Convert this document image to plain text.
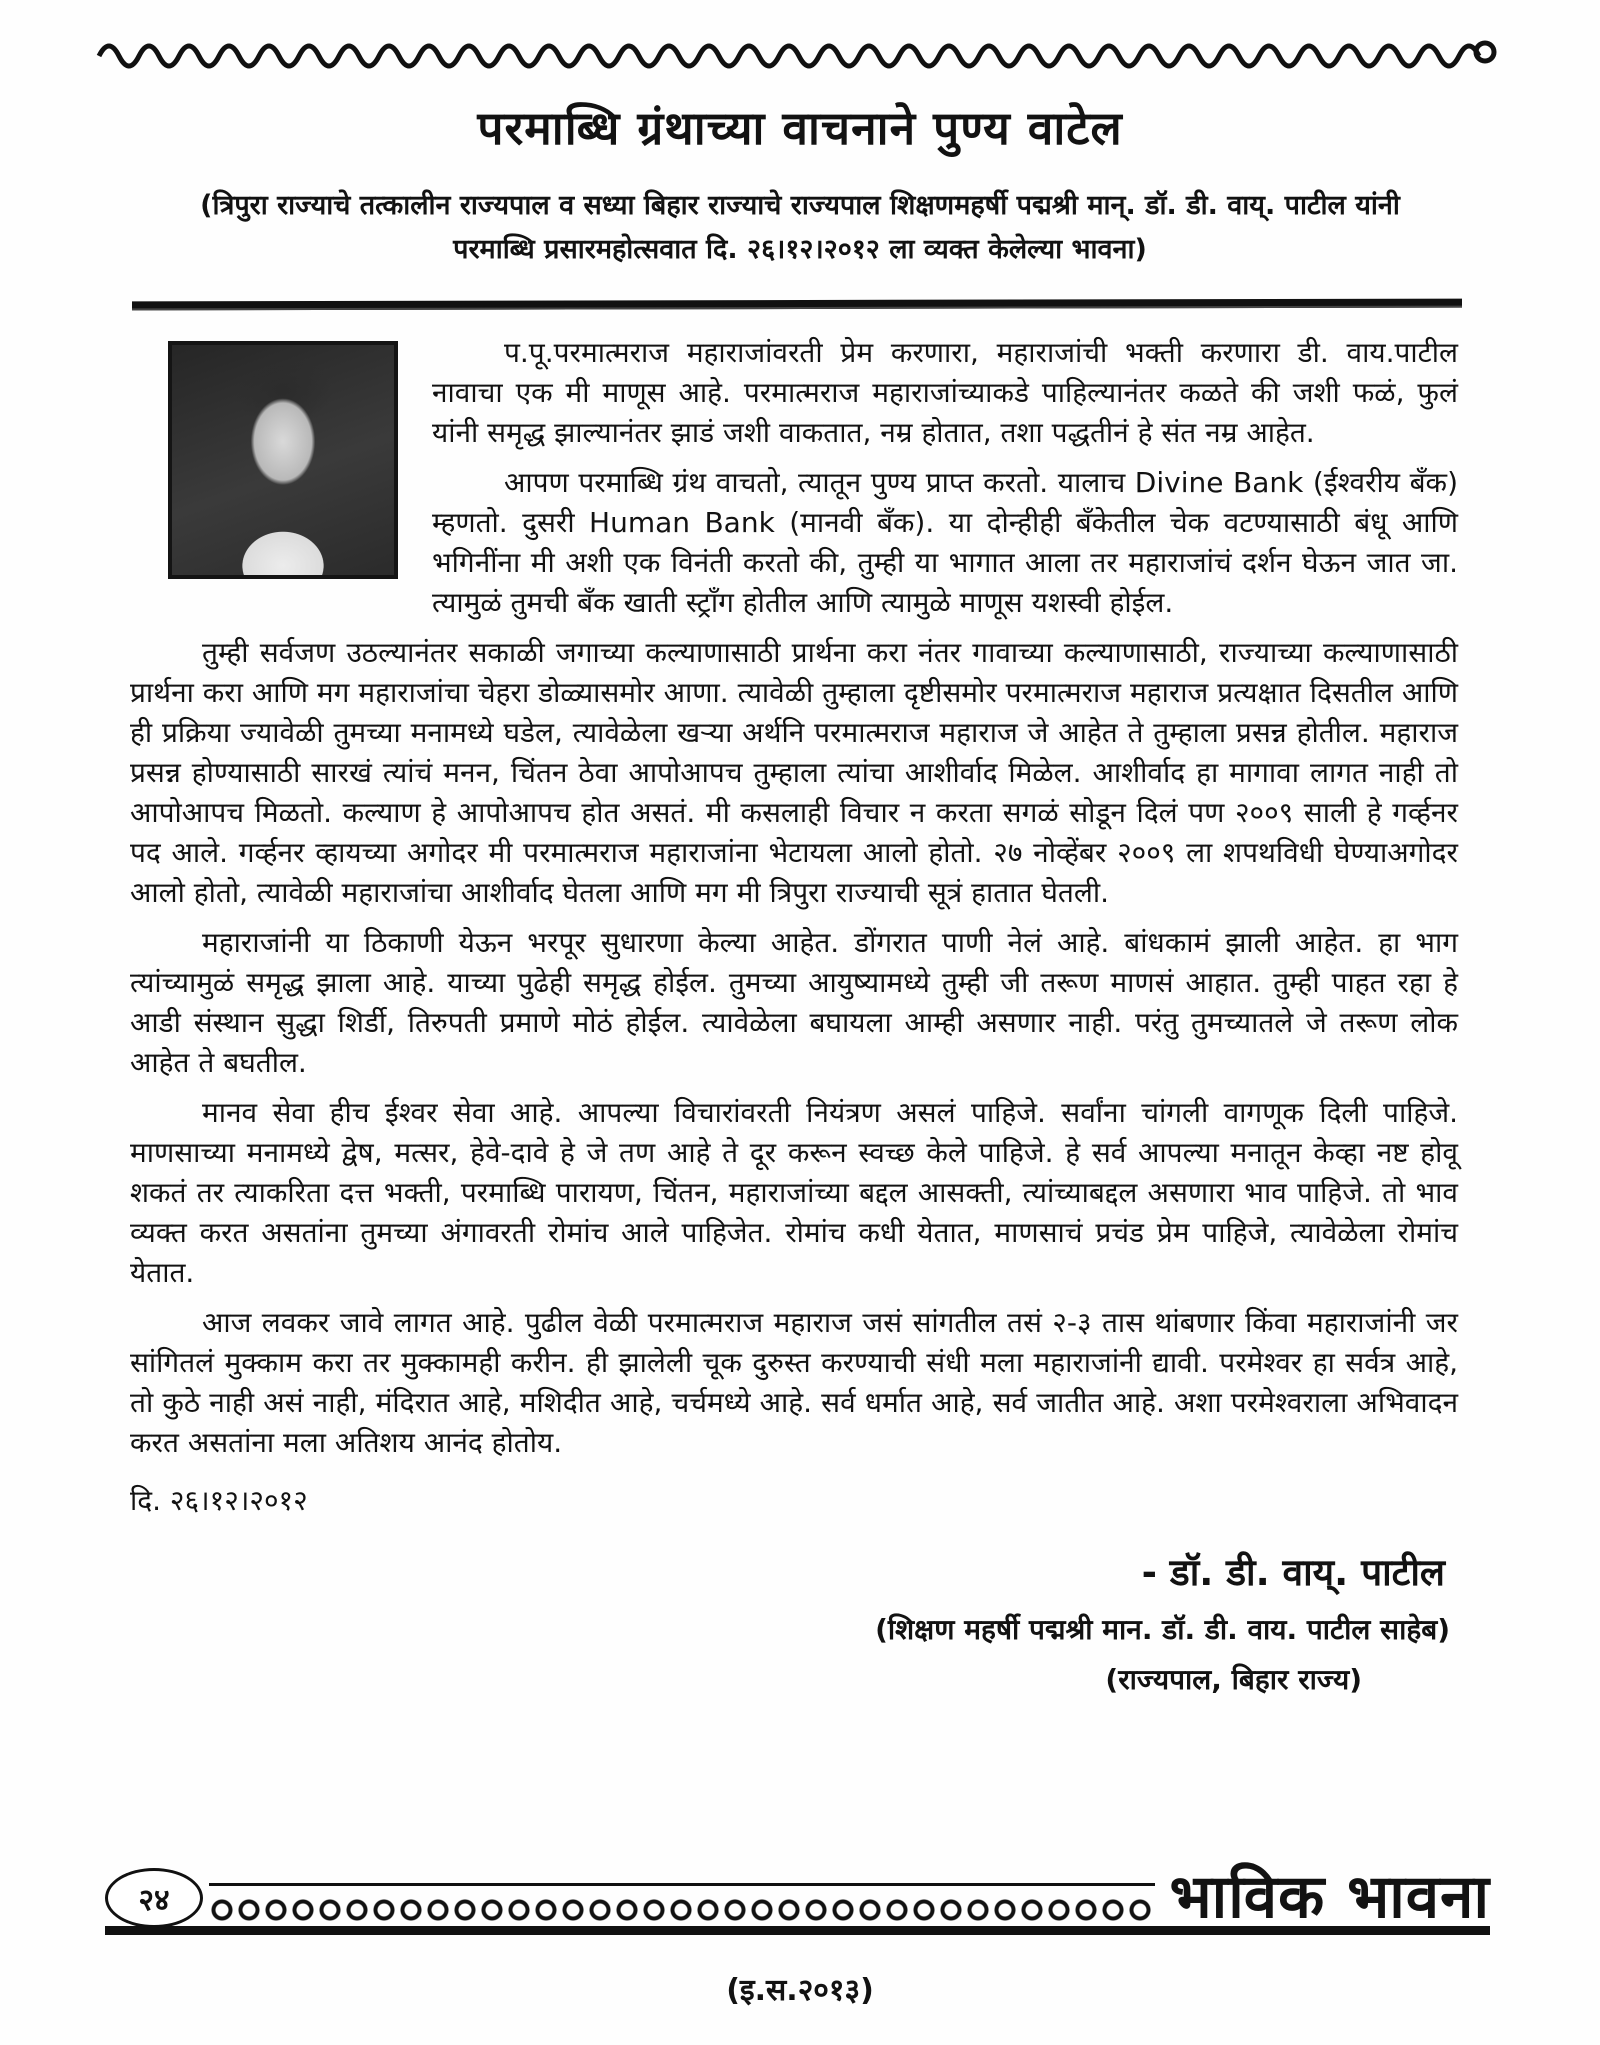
परमाब्धि ग्रंथाच्या वाचनाने पुण्य वाटेल
(त्रिपुरा राज्याचे तत्कालीन राज्यपाल व सध्या बिहार राज्याचे राज्यपाल शिक्षणमहर्षी पद्मश्री मान्. डॉ. डी. वाय्. पाटील यांनी
परमाब्धि प्रसारमहोत्सवात दि. २६।१२।२०१२ ला व्यक्त केलेल्या भावना)

प.पू.परमात्मराज महाराजांवरती प्रेम करणारा, महाराजांची भक्ती करणारा डी. वाय.पाटील नावाचा एक मी माणूस आहे. परमात्मराज महाराजांच्याकडे पाहिल्यानंतर कळते की जशी फळं, फुलं यांनी समृद्ध झाल्यानंतर झाडं जशी वाकतात, नम्र होतात, तशा पद्धतीनं हे संत नम्र आहेत.

आपण परमाब्धि ग्रंथ वाचतो, त्यातून पुण्य प्राप्त करतो. यालाच Divine Bank (ईश्वरीय बँक) म्हणतो. दुसरी Human Bank (मानवी बँक). या दोन्हीही बँकेतील चेक वटण्यासाठी बंधू आणि भगिनींना मी अशी एक विनंती करतो की, तुम्ही या भागात आला तर महाराजांचं दर्शन घेऊन जात जा. त्यामुळं तुमची बँक खाती स्ट्राँग होतील आणि त्यामुळे माणूस यशस्वी होईल.

तुम्ही सर्वजण उठल्यानंतर सकाळी जगाच्या कल्याणासाठी प्रार्थना करा नंतर गावाच्या कल्याणासाठी, राज्याच्या कल्याणासाठी प्रार्थना करा आणि मग महाराजांचा चेहरा डोळ्यासमोर आणा. त्यावेळी तुम्हाला दृष्टीसमोर परमात्मराज महाराज प्रत्यक्षात दिसतील आणि ही प्रक्रिया ज्यावेळी तुमच्या मनामध्ये घडेल, त्यावेळेला खऱ्या अर्थनि परमात्मराज महाराज जे आहेत ते तुम्हाला प्रसन्न होतील. महाराज प्रसन्न होण्यासाठी सारखं त्यांचं मनन, चिंतन ठेवा आपोआपच तुम्हाला त्यांचा आशीर्वाद मिळेल. आशीर्वाद हा मागावा लागत नाही तो आपोआपच मिळतो. कल्याण हे आपोआपच होत असतं. मी कसलाही विचार न करता सगळं सोडून दिलं पण २००९ साली हे गर्व्हनर पद आले. गर्व्हनर व्हायच्या अगोदर मी परमात्मराज महाराजांना भेटायला आलो होतो. २७ नोव्हेंबर २००९ ला शपथविधी घेण्याअगोदर आलो होतो, त्यावेळी महाराजांचा आशीर्वाद घेतला आणि मग मी त्रिपुरा राज्याची सूत्रं हातात घेतली.

महाराजांनी या ठिकाणी येऊन भरपूर सुधारणा केल्या आहेत. डोंगरात पाणी नेलं आहे. बांधकामं झाली आहेत. हा भाग त्यांच्यामुळं समृद्ध झाला आहे. याच्या पुढेही समृद्ध होईल. तुमच्या आयुष्यामध्ये तुम्ही जी तरूण माणसं आहात. तुम्ही पाहत रहा हे आडी संस्थान सुद्धा शिर्डी, तिरुपती प्रमाणे मोठं होईल. त्यावेळेला बघायला आम्ही असणार नाही. परंतु तुमच्यातले जे तरूण लोक आहेत ते बघतील.

मानव सेवा हीच ईश्वर सेवा आहे. आपल्या विचारांवरती नियंत्रण असलं पाहिजे. सर्वांना चांगली वागणूक दिली पाहिजे. माणसाच्या मनामध्ये द्वेष, मत्सर, हेवे-दावे हे जे तण आहे ते दूर करून स्वच्छ केले पाहिजे. हे सर्व आपल्या मनातून केव्हा नष्ट होवू शकतं तर त्याकरिता दत्त भक्ती, परमाब्धि पारायण, चिंतन, महाराजांच्या बद्दल आसक्ती, त्यांच्याबद्दल असणारा भाव पाहिजे. तो भाव व्यक्त करत असतांना तुमच्या अंगावरती रोमांच आले पाहिजेत. रोमांच कधी येतात, माणसाचं प्रचंड प्रेम पाहिजे, त्यावेळेला रोमांच येतात.

आज लवकर जावे लागत आहे. पुढील वेळी परमात्मराज महाराज जसं सांगतील तसं २-३ तास थांबणार किंवा महाराजांनी जर सांगितलं मुक्काम करा तर मुक्कामही करीन. ही झालेली चूक दुरुस्त करण्याची संधी मला महाराजांनी द्यावी. परमेश्वर हा सर्वत्र आहे, तो कुठे नाही असं नाही, मंदिरात आहे, मशिदीत आहे, चर्चमध्ये आहे. सर्व धर्मात आहे, सर्व जातीत आहे. अशा परमेश्वराला अभिवादन करत असतांना मला अतिशय आनंद होतोय.

दि. २६।१२।२०१२
- डॉ. डी. वाय्. पाटील
(शिक्षण महर्षी पद्मश्री मान. डॉ. डी. वाय. पाटील साहेब)
(राज्यपाल, बिहार राज्य)
२४	भाविक भावना
(इ.स.२०१३)
